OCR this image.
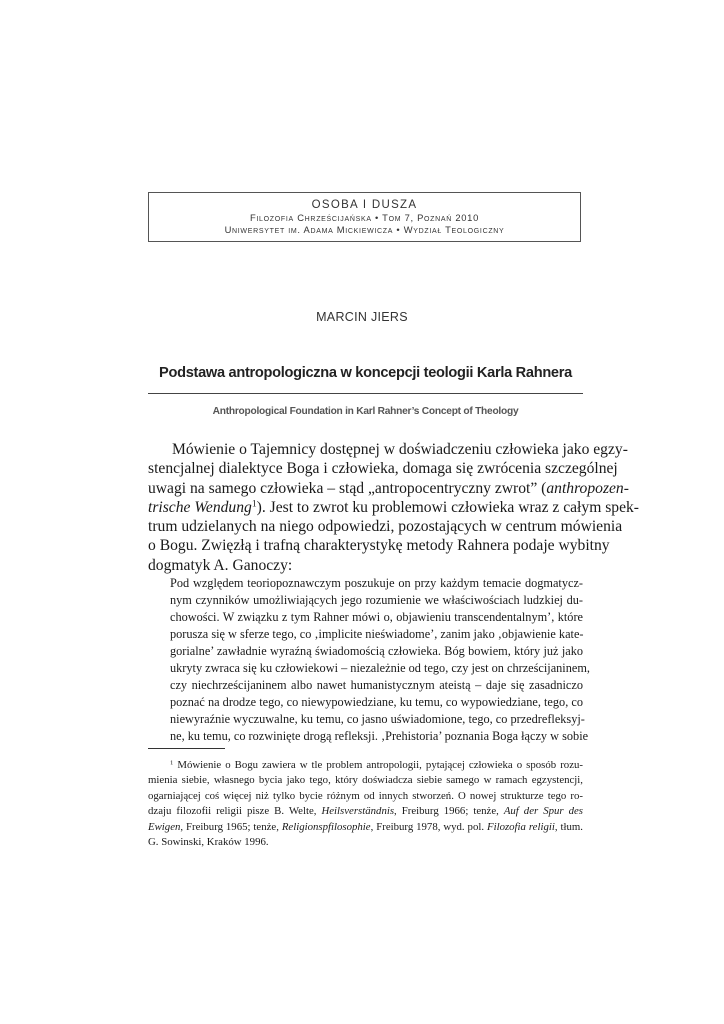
OSOBA I DUSZA
Filozofia Chrześcijańska • Tom 7, Poznań 2010
Uniwersytet im. Adama Mickiewicza • Wydział Teologiczny
MARCIN JIERS
Podstawa antropologiczna w koncepcji teologii Karla Rahnera
Anthropological Foundation in Karl Rahner’s Concept of Theology
Mówienie o Tajemnicy dostępnej w doświadczeniu człowieka jako egzy-
stencjalnej dialektyce Boga i człowieka, domaga się zwrócenia szczególnej
uwagi na samego człowieka – stąd „antropocentryczny zwrot” (anthropozen-
trische Wendung$^1$). Jest to zwrot ku problemowi człowieka wraz z całym spek-
trum udzielanych na niego odpowiedzi, pozostających w centrum mówienia
o Bogu. Zwięzłą i trafną charakterystykę metody Rahnera podaje wybitny
dogmatyk A. Ganoczy:
Pod względem teoriopoznawczym poszukuje on przy każdym temacie dogmatycz-
nym czynników umożliwiających jego rozumienie we właściwościach ludzkiej du-
chowości. W związku z tym Rahner mówi o, objawieniu transcendentalnym’, które
porusza się w sferze tego, co ‚implicite nieświadome’, zanim jako ‚objawienie kate-
gorialne’ zawładnie wyraźną świadomością człowieka. Bóg bowiem, który już jako
ukryty zwraca się ku człowiekowi – niezależnie od tego, czy jest on chrześcijaninem,
czy niechrześcijaninem albo nawet humanistycznym ateistą – daje się zasadniczo
poznać na drodze tego, co niewypowiedziane, ku temu, co wypowiedziane, tego, co
niewyraźnie wyczuwalne, ku temu, co jasno uświadomione, tego, co przedrefleksyj-
ne, ku temu, co rozwinięte drogą refleksji. ‚Prehistoria’ poznania Boga łączy w sobie
$^1$ Mówienie o Bogu zawiera w tle problem antropologii, pytającej człowieka o sposób rozu-
mienia siebie, własnego bycia jako tego, który doświadcza siebie samego w ramach egzystencji,
ogarniającej coś więcej niż tylko bycie różnym od innych stworzeń. O nowej strukturze tego ro-
dzaju filozofii religii pisze B. Welte, Heilsverständnis, Freiburg 1966; tenże, Auf der Spur des
Ewigen, Freiburg 1965; tenże, Religionspfilosophie, Freiburg 1978, wyd. pol. Filozofia religii, tłum.
G. Sowinski, Kraków 1996.
